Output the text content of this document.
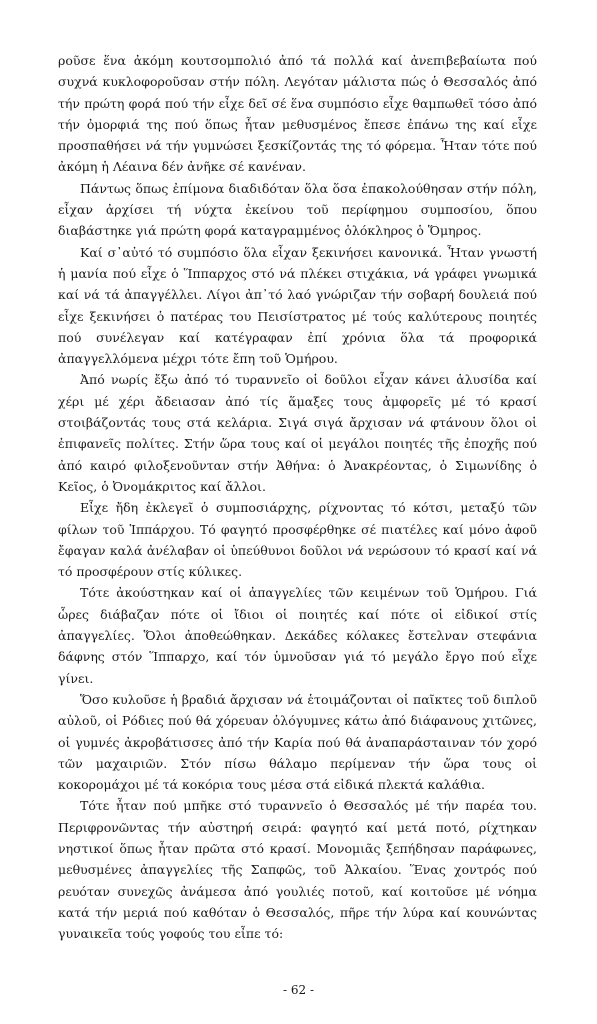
ροῦσε ἕνα ἀκόμη κουτσομπολιό ἀπό τά πολλά καί ἀνεπιβεβαίωτα πού συχνά κυκλοφοροῦσαν στήν πόλη. Λεγόταν μάλιστα πώς ὁ Θεσσαλός ἀπό τήν πρώτη φορά πού τήν εἶχε δεῖ σέ ἕνα συμπόσιο εἶχε θαμπωθεῖ τόσο ἀπό τήν ὀμορφιά της πού ὅπως ἦταν μεθυσμένος ἔπεσε ἐπάνω της καί εἶχε προσπαθήσει νά τήν γυμνώσει ξεσκίζοντάς της τό φόρεμα. Ἦταν τότε πού ἀκόμη ἡ Λέαινα δέν ἀνῆκε σέ κανέναν.

Πάντως ὅπως ἐπίμονα διαδιδόταν ὅλα ὅσα ἐπακολούθησαν στήν πόλη, εἶχαν ἀρχίσει τή νύχτα ἐκείνου τοῦ περίφημου συμποσίου, ὅπου διαβάστηκε γιά πρώτη φορά καταγραμμένος ὁλόκληρος ὁ Ὅμηρος.

Καί σ᾽αὐτό τό συμπόσιο ὅλα εἶχαν ξεκινήσει κανονικά. Ἦταν γνωστή ἡ μανία πού εἶχε ὁ Ἵππαρχος στό νά πλέκει στιχάκια, νά γράφει γνωμικά καί νά τά ἀπαγγέλλει. Λίγοι ἀπ᾽τό λαό γνώριζαν τήν σοβαρή δουλειά πού εἶχε ξεκινήσει ὁ πατέρας του Πεισίστρατος μέ τούς καλύτερους ποιητές πού συνέλεγαν καί κατέγραφαν ἐπί χρόνια ὅλα τά προφορικά ἀπαγγελλόμενα μέχρι τότε ἔπη τοῦ Ὁμήρου.

Ἀπό νωρίς ἔξω ἀπό τό τυραννεῖο οἱ δοῦλοι εἶχαν κάνει ἁλυσίδα καί χέρι μέ χέρι ἄδειασαν ἀπό τίς ἅμαξες τους ἀμφορεῖς μέ τό κρασί στοιβάζοντάς τους στά κελάρια. Σιγά σιγά ἄρχισαν νά φτάνουν ὅλοι οἱ ἐπιφανεῖς πολίτες. Στήν ὥρα τους καί οἱ μεγάλοι ποιητές τῆς ἐποχῆς πού ἀπό καιρό φιλοξενοῦνταν στήν Ἀθήνα: ὁ Ἀνακρέοντας, ὁ Σιμωνίδης ὁ Κεῖος, ὁ Ὀνομάκριτος καί ἄλλοι.

Εἶχε ἤδη ἐκλεγεῖ ὁ συμποσιάρχης, ρίχνοντας τό κότσι, μεταξύ τῶν φίλων τοῦ Ἱππάρχου. Τό φαγητό προσφέρθηκε σέ πιατέλες καί μόνο ἀφοῦ ἔφαγαν καλά ἀνέλαβαν οἱ ὑπεύθυνοι δοῦλοι νά νερώσουν τό κρασί καί νά τό προσφέρουν στίς κύλικες.

Τότε ἀκούστηκαν καί οἱ ἀπαγγελίες τῶν κειμένων τοῦ Ὁμήρου. Γιά ὧρες διάβαζαν πότε οἱ ἴδιοι οἱ ποιητές καί πότε οἱ εἰδικοί στίς ἀπαγγελίες. Ὅλοι ἀποθεώθηκαν. Δεκάδες κόλακες ἔστελναν στεφάνια δάφνης στόν Ἵππαρχο, καί τόν ὑμνοῦσαν γιά τό μεγάλο ἔργο πού εἶχε γίνει.

Ὅσο κυλοῦσε ἡ βραδιά ἄρχισαν νά ἑτοιμάζονται οἱ παῖκτες τοῦ διπλοῦ αὐλοῦ, οἱ Ρόδιες πού θά χόρευαν ὁλόγυμνες κάτω ἀπό διάφανους χιτῶνες, οἱ γυμνές ἀκροβάτισσες ἀπό τήν Καρία πού θά ἀναπαράσταιναν τόν χορό τῶν μαχαιριῶν. Στόν πίσω θάλαμο περίμεναν τήν ὥρα τους οἱ κοκορομάχοι μέ τά κοκόρια τους μέσα στά εἰδικά πλεκτά καλάθια.

Τότε ἦταν πού μπῆκε στό τυραννεῖο ὁ Θεσσαλός μέ τήν παρέα του. Περιφρονῶντας τήν αὐστηρή σειρά: φαγητό καί μετά ποτό, ρίχτηκαν νηστικοί ὅπως ἦταν πρῶτα στό κρασί. Μονομιᾶς ξεπήδησαν παράφωνες, μεθυσμένες ἀπαγγελίες τῆς Σαπφῶς, τοῦ Ἀλκαίου. Ἕνας χοντρός πού ρευόταν συνεχῶς ἀνάμεσα ἀπό γουλιές ποτοῦ, καί κοιτοῦσε μέ νόημα κατά τήν μεριά πού καθόταν ὁ Θεσσαλός, πῆρε τήν λύρα καί κουνώντας γυναικεῖα τούς γοφούς του εἶπε τό:

- 62 -
